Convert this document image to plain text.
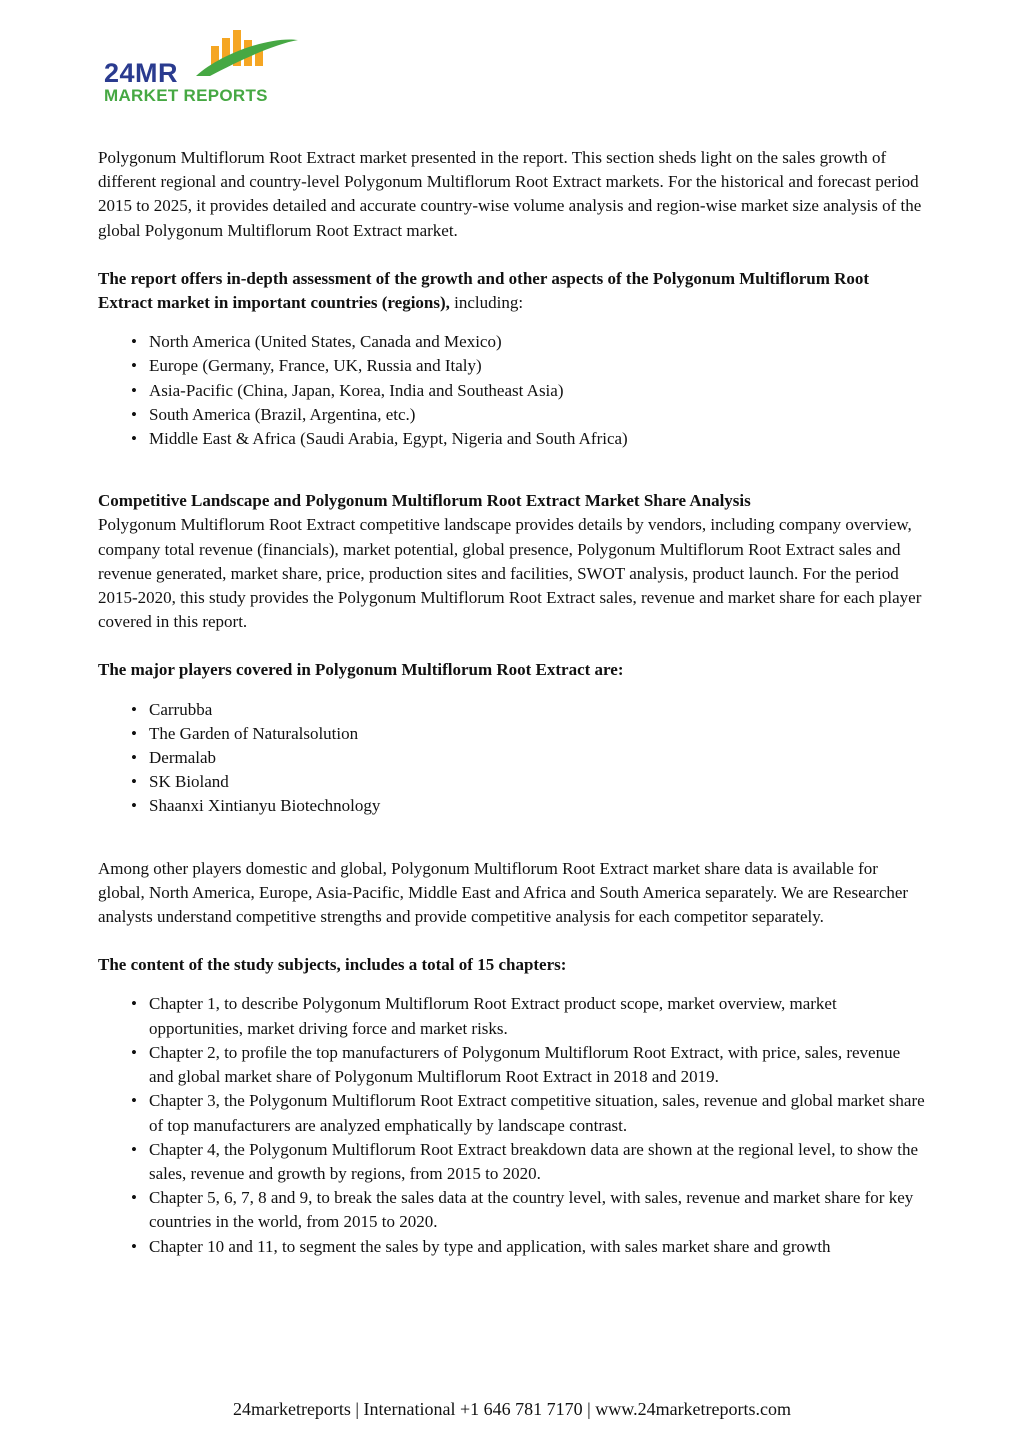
24MR
MARKET REPORTS

Polygonum Multiflorum Root Extract market presented in the report. This section sheds light on the sales growth of different regional and country-level Polygonum Multiflorum Root Extract markets. For the historical and forecast period 2015 to 2025, it provides detailed and accurate country-wise volume analysis and region-wise market size analysis of the global Polygonum Multiflorum Root Extract market.

The report offers in-depth assessment of the growth and other aspects of the Polygonum Multiflorum Root Extract market in important countries (regions), including:

• North America (United States, Canada and Mexico)
• Europe (Germany, France, UK, Russia and Italy)
• Asia-Pacific (China, Japan, Korea, India and Southeast Asia)
• South America (Brazil, Argentina, etc.)
• Middle East & Africa (Saudi Arabia, Egypt, Nigeria and South Africa)

Competitive Landscape and Polygonum Multiflorum Root Extract Market Share Analysis

Polygonum Multiflorum Root Extract competitive landscape provides details by vendors, including company overview, company total revenue (financials), market potential, global presence, Polygonum Multiflorum Root Extract sales and revenue generated, market share, price, production sites and facilities, SWOT analysis, product launch. For the period 2015-2020, this study provides the Polygonum Multiflorum Root Extract sales, revenue and market share for each player covered in this report.

The major players covered in Polygonum Multiflorum Root Extract are:

• Carrubba
• The Garden of Naturalsolution
• Dermalab
• SK Bioland
• Shaanxi Xintianyu Biotechnology

Among other players domestic and global, Polygonum Multiflorum Root Extract market share data is available for global, North America, Europe, Asia-Pacific, Middle East and Africa and South America separately. We are Researcher analysts understand competitive strengths and provide competitive analysis for each competitor separately.

The content of the study subjects, includes a total of 15 chapters:

• Chapter 1, to describe Polygonum Multiflorum Root Extract product scope, market overview, market opportunities, market driving force and market risks.
• Chapter 2, to profile the top manufacturers of Polygonum Multiflorum Root Extract, with price, sales, revenue and global market share of Polygonum Multiflorum Root Extract in 2018 and 2019.
• Chapter 3, the Polygonum Multiflorum Root Extract competitive situation, sales, revenue and global market share of top manufacturers are analyzed emphatically by landscape contrast.
• Chapter 4, the Polygonum Multiflorum Root Extract breakdown data are shown at the regional level, to show the sales, revenue and growth by regions, from 2015 to 2020.
• Chapter 5, 6, 7, 8 and 9, to break the sales data at the country level, with sales, revenue and market share for key countries in the world, from 2015 to 2020.
• Chapter 10 and 11, to segment the sales by type and application, with sales market share and growth
24marketreports | International +1 646 781 7170 | www.24marketreports.com
